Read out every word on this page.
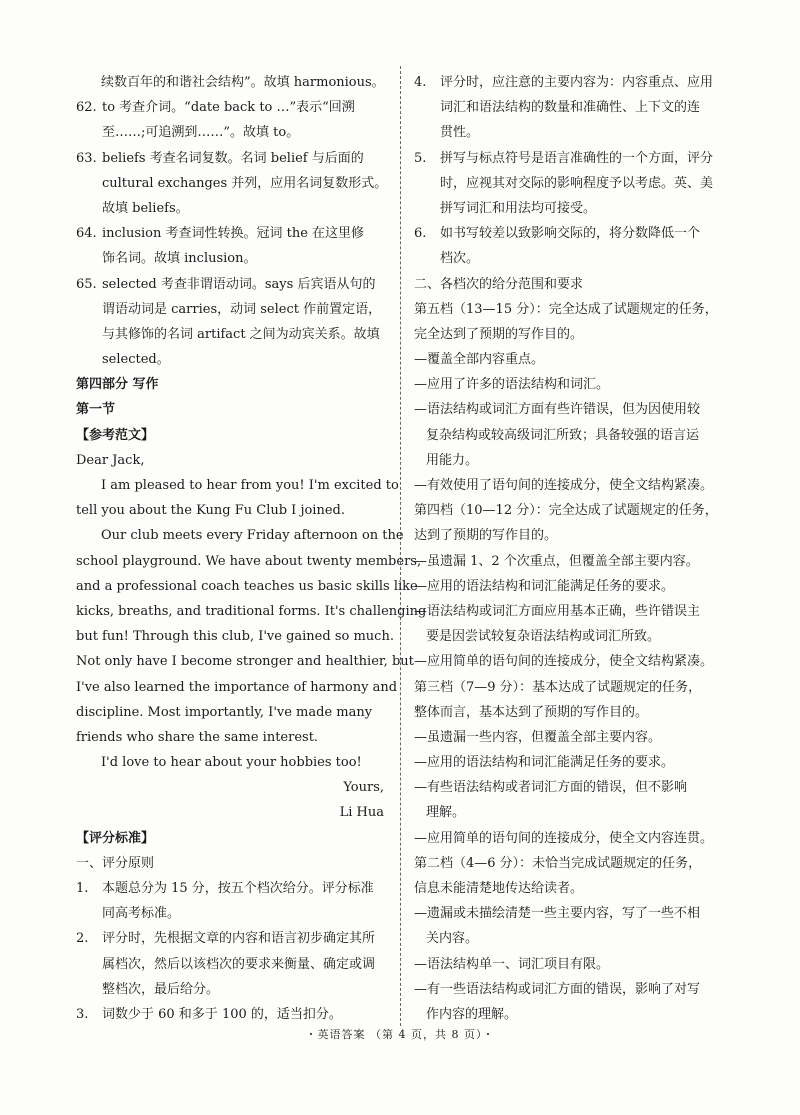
续数百年的和谐社会结构”。故填 harmonious。
62. to 考查介词。“date back to …”表示“回溯
至……;可追溯到……”。故填 to。
63. beliefs 考查名词复数。名词 belief 与后面的
cultural exchanges 并列，应用名词复数形式。
故填 beliefs。
64. inclusion 考查词性转换。冠词 the 在这里修
饰名词。故填 inclusion。
65. selected 考查非谓语动词。says 后宾语从句的
谓语动词是 carries，动词 select 作前置定语，
与其修饰的名词 artifact 之间为动宾关系。故填
selected。
第四部分 写作
第一节
【参考范文】
Dear Jack,
I am pleased to hear from you! I'm excited to
tell you about the Kung Fu Club I joined.
Our club meets every Friday afternoon on the
school playground. We have about twenty members,
and a professional coach teaches us basic skills like
kicks, breaths, and traditional forms. It's challenging
but fun! Through this club, I've gained so much.
Not only have I become stronger and healthier, but
I've also learned the importance of harmony and
discipline. Most importantly, I've made many
friends who share the same interest.
I'd love to hear about your hobbies too!
Yours,
Li Hua
【评分标准】
一、评分原则
1.	本题总分为 15 分，按五个档次给分。评分标准
同高考标准。
2.	评分时，先根据文章的内容和语言初步确定其所
属档次，然后以该档次的要求来衡量、确定或调
整档次，最后给分。
3.	词数少于 60 和多于 100 的，适当扣分。
4.	评分时，应注意的主要内容为：内容重点、应用
词汇和语法结构的数量和准确性、上下文的连
贯性。
5.	拼写与标点符号是语言准确性的一个方面，评分
时，应视其对交际的影响程度予以考虑。英、美
拼写词汇和用法均可接受。
6.	如书写较差以致影响交际的，将分数降低一个
档次。
二、各档次的给分范围和要求
第五档（13—15 分）：完全达成了试题规定的任务，
完全达到了预期的写作目的。
—覆盖全部内容重点。
—应用了许多的语法结构和词汇。
—语法结构或词汇方面有些许错误，但为因使用较
复杂结构或较高级词汇所致；具备较强的语言运
用能力。
—有效使用了语句间的连接成分，使全文结构紧凑。
第四档（10—12 分）：完全达成了试题规定的任务，
达到了预期的写作目的。
—虽遗漏 1、2 个次重点，但覆盖全部主要内容。
—应用的语法结构和词汇能满足任务的要求。
—语法结构或词汇方面应用基本正确，些许错误主
要是因尝试较复杂语法结构或词汇所致。
—应用简单的语句间的连接成分，使全文结构紧凑。
第三档（7—9 分）：基本达成了试题规定的任务，
整体而言，基本达到了预期的写作目的。
—虽遗漏一些内容，但覆盖全部主要内容。
—应用的语法结构和词汇能满足任务的要求。
—有些语法结构或者词汇方面的错误，但不影响
理解。
—应用简单的语句间的连接成分，使全文内容连贯。
第二档（4—6 分）：未恰当完成试题规定的任务，
信息未能清楚地传达给读者。
—遗漏或未描绘清楚一些主要内容，写了一些不相
关内容。
—语法结构单一、词汇项目有限。
—有一些语法结构或词汇方面的错误，影响了对写
作内容的理解。
・英语答案 （第 4 页，共 8 页）・
